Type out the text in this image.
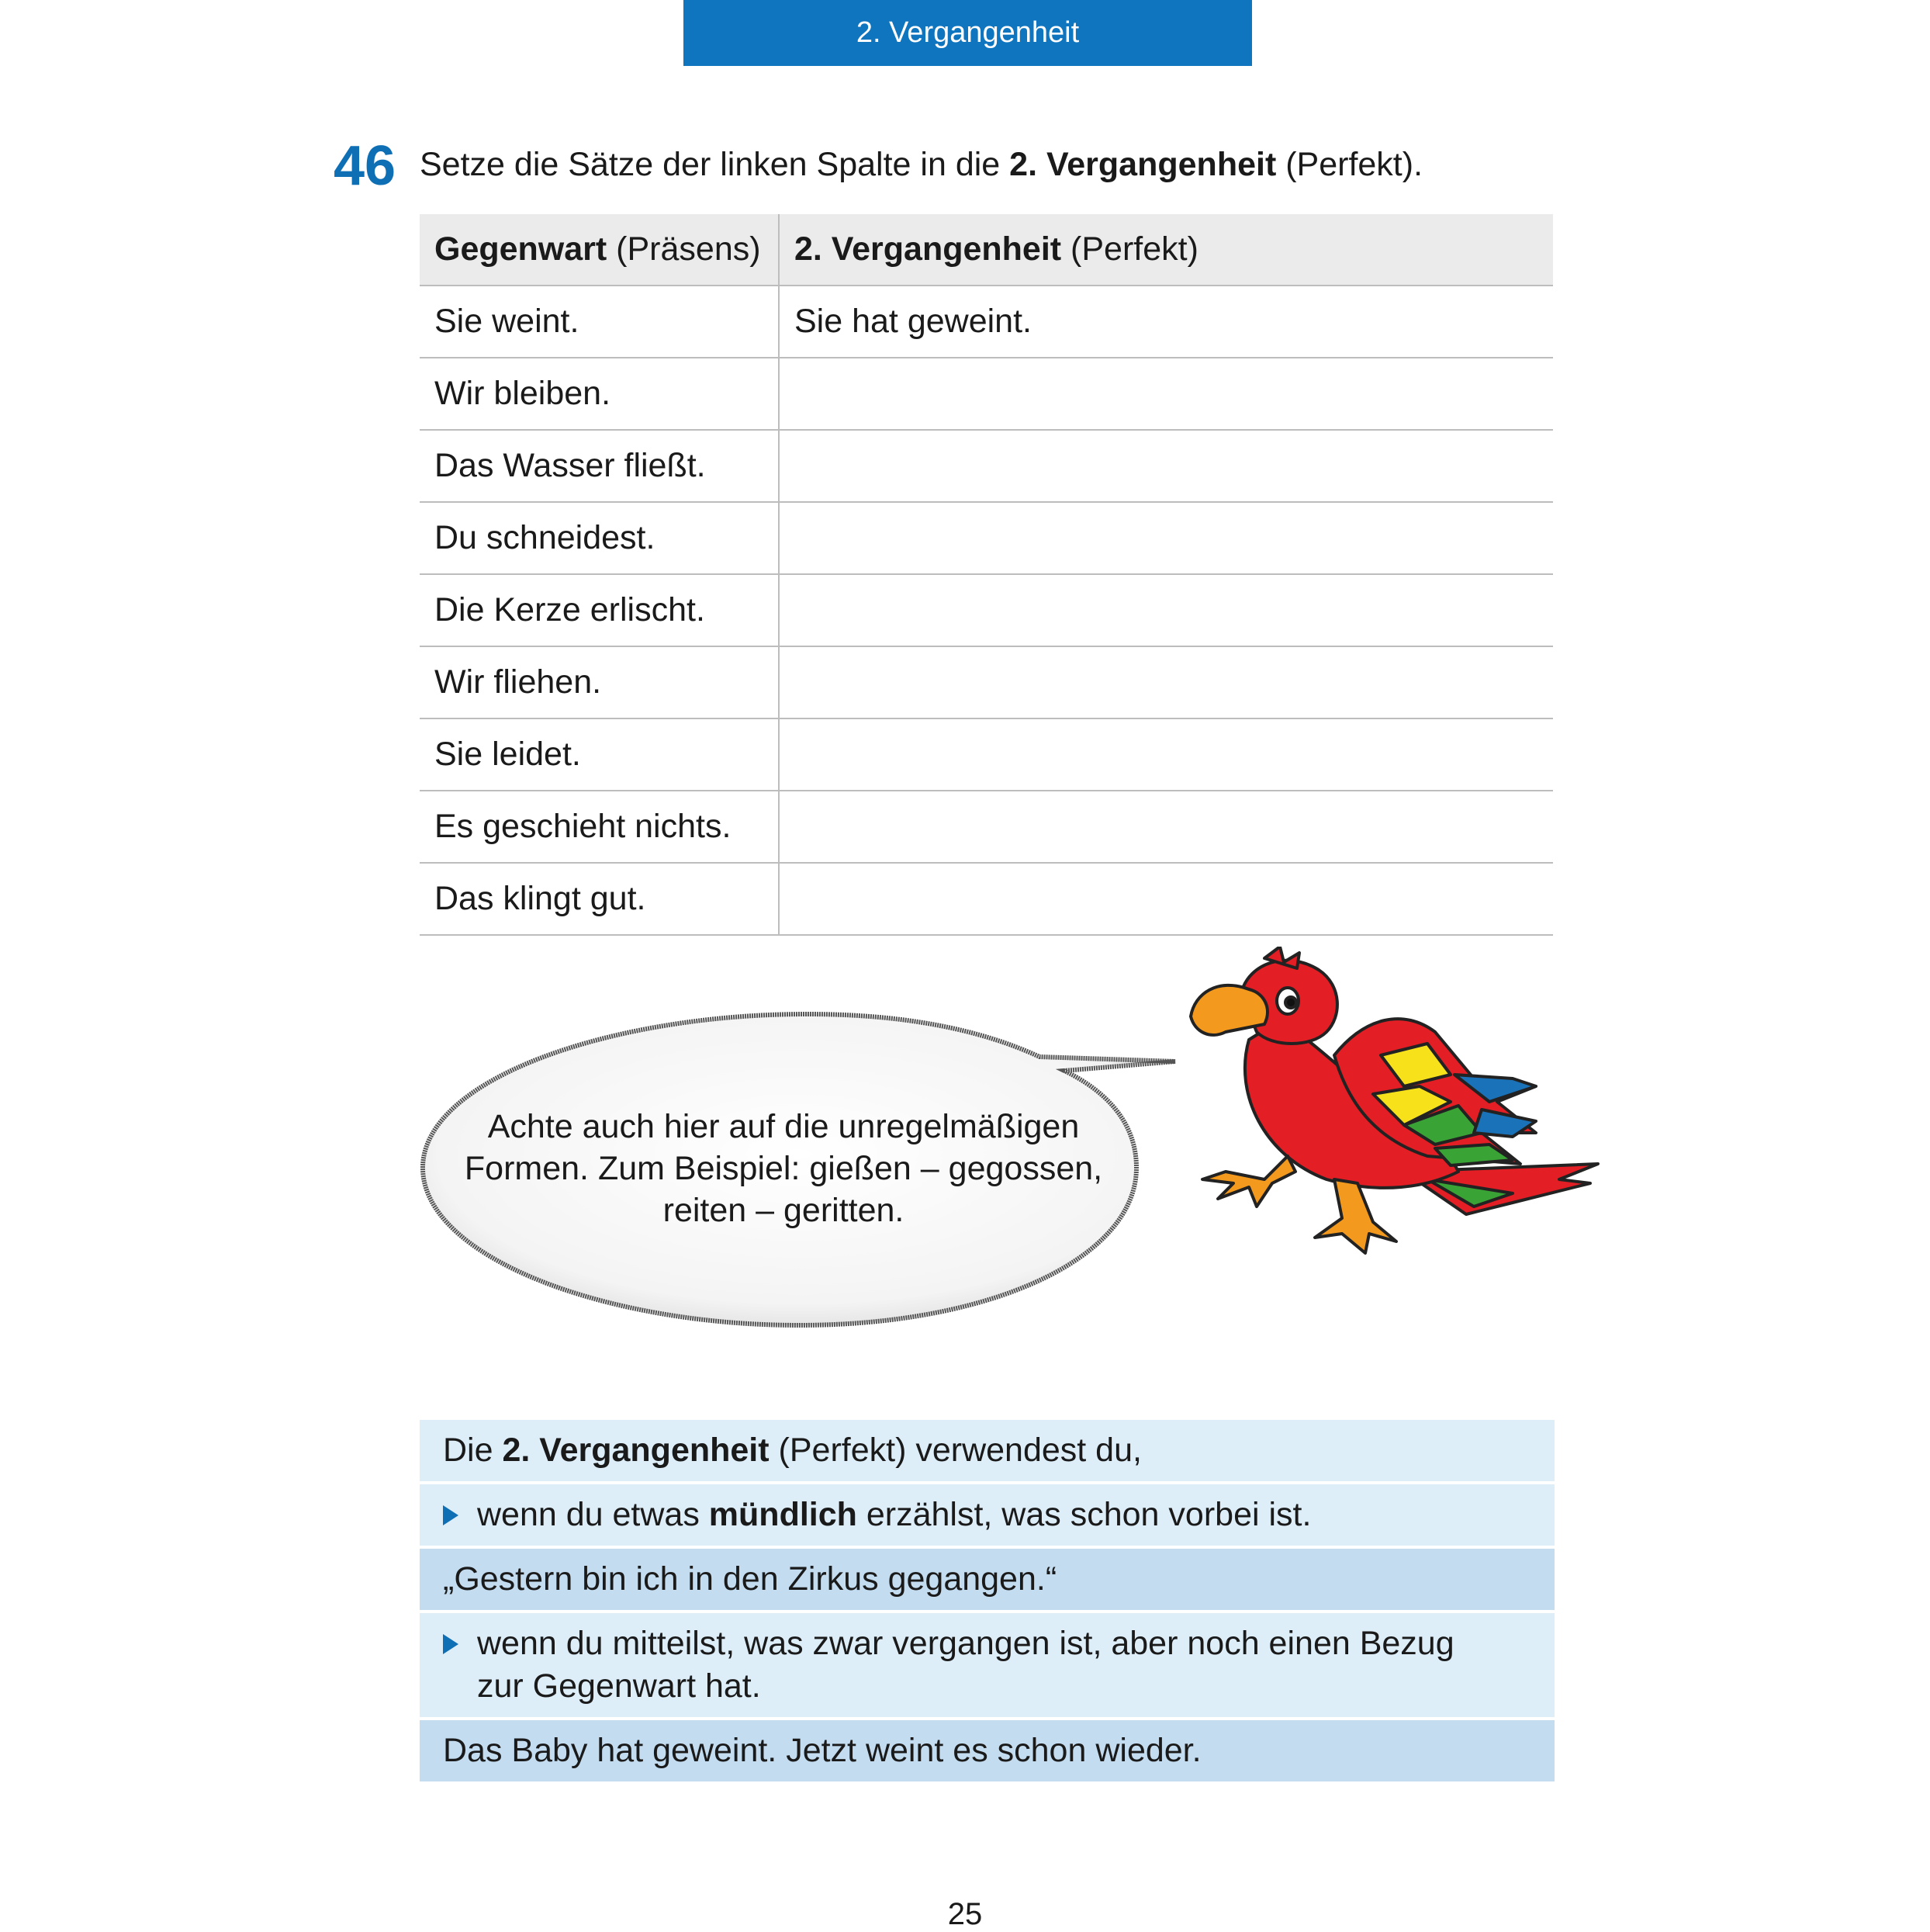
2. Vergangenheit
46 Setze die Sätze der linken Spalte in die 2. Vergangenheit (Perfekt).
Gegenwart (Präsens)	2. Vergangenheit (Perfekt)
Sie weint.	Sie hat geweint.
Wir bleiben.	
Das Wasser fließt.	
Du schneidest.	
Die Kerze erlischt.	
Wir fliehen.	
Sie leidet.	
Es geschieht nichts.	
Das klingt gut.	
Achte auch hier auf die unregelmäßigen
Formen. Zum Beispiel: gießen – gegossen,
reiten – geritten.
Die 2. Vergangenheit (Perfekt) verwendest du,
wenn du etwas mündlich erzählst, was schon vorbei ist.
„Gestern bin ich in den Zirkus gegangen.“
wenn du mitteilst, was zwar vergangen ist, aber noch einen Bezug
zur Gegenwart hat.
Das Baby hat geweint. Jetzt weint es schon wieder.
25
